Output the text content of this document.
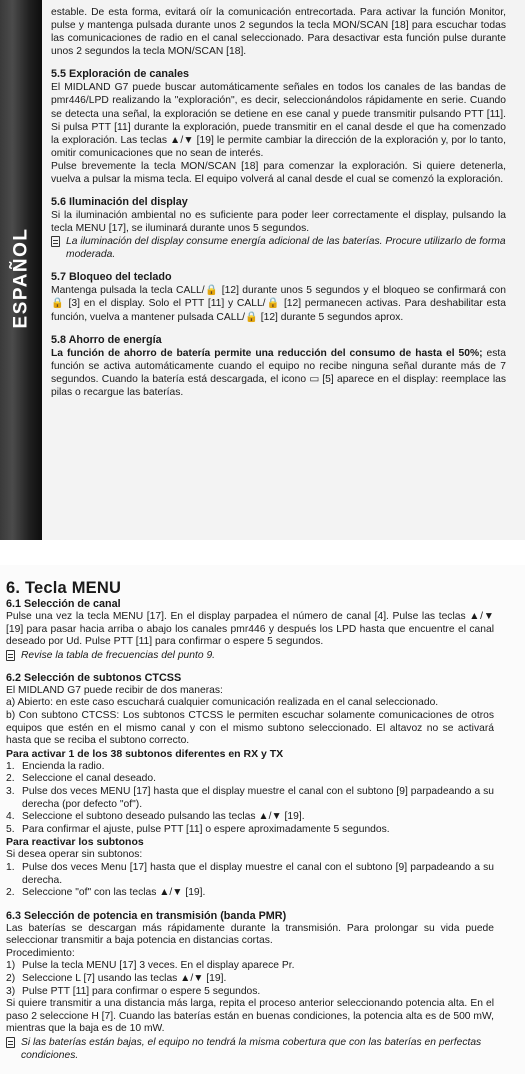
ESPAÑOL

estable. De esta forma, evitará oír la comunicación entrecortada. Para activar la función Monitor, pulse y mantenga pulsada durante unos 2 segundos la tecla MON/SCAN [18] para escuchar todas las comunicaciones de radio en el canal seleccionado. Para desactivar esta función pulse durante unos 2 segundos la tecla MON/SCAN [18].

5.5 Exploración de canales

El MIDLAND G7 puede buscar automáticamente señales en todos los canales de las bandas de pmr446/LPD realizando la "exploración", es decir, seleccionándolos rápidamente en serie. Cuando se detecta una señal, la exploración se detiene en ese canal y puede transmitir pulsando PTT [11]. Si pulsa PTT [11] durante la exploración, puede transmitir en el canal desde el que ha comenzado la exploración. Las teclas ▲/▼ [19] le permite cambiar la dirección de la exploración y, por lo tanto, omitir comunicaciones que no sean de interés.

Pulse brevemente la tecla MON/SCAN [18] para comenzar la exploración. Si quiere detenerla, vuelva a pulsar la misma tecla. El equipo volverá al canal desde el cual se comenzó la exploración.

5.6 Iluminación del display

Si la iluminación ambiental no es suficiente para poder leer correctamente el display, pulsando la tecla MENU [17], se iluminará durante unos 5 segundos.

La iluminación del display consume energía adicional de las baterías. Procure utilizarlo de forma moderada.
5.7 Bloqueo del teclado

Mantenga pulsada la tecla CALL/🔒 [12] durante unos 5 segundos y el bloqueo se confirmará con 🔒 [3] en el display. Solo el PTT [11] y CALL/🔒 [12] permanecen activas. Para deshabilitar esta función, vuelva a mantener pulsada CALL/🔒 [12] durante 5 segundos aprox.

5.8 Ahorro de energía

La función de ahorro de batería permite una reducción del consumo de hasta el 50%; esta función se activa automáticamente cuando el equipo no recibe ninguna señal durante más de 7 segundos. Cuando la batería está descargada, el icono ▭ [5] aparece en el display: reemplace las pilas o recargue las baterías.

6. Tecla MENU
6.1 Selección de canal

Pulse una vez la tecla MENU [17]. En el display parpadea el número de canal [4]. Pulse las teclas ▲/▼ [19] para pasar hacia arriba o abajo los canales pmr446 y después los LPD hasta que encuentre el canal deseado por Ud. Pulse PTT [11] para confirmar o espere 5 segundos.

Revise la tabla de frecuencias del punto 9.
6.2 Selección de subtonos CTCSS

El MIDLAND G7 puede recibir de dos maneras:

a) Abierto: en este caso escuchará cualquier comunicación realizada en el canal seleccionado.

b) Con subtono CTCSS: Los subtonos CTCSS le permiten escuchar solamente comunicaciones de otros equipos que estén en el mismo canal y con el mismo subtono seleccionado. El altavoz no se activará hasta que se reciba el subtono correcto.

Para activar 1 de los 38 subtonos diferentes en RX y TX

1. Encienda la radio.
2. Seleccione el canal deseado.
3. Pulse dos veces MENU [17] hasta que el display muestre el canal con el subtono [9] parpadeando a su derecha (por defecto "of").
4. Seleccione el subtono deseado pulsando las teclas ▲/▼ [19].
5. Para confirmar el ajuste, pulse PTT [11] o espere aproximadamente 5 segundos.

Para reactivar los subtonos

Si desea operar sin subtonos:

1. Pulse dos veces Menu [17] hasta que el display muestre el canal con el subtono [9] parpadeando a su derecha.
2. Seleccione "of" con las teclas ▲/▼ [19].
6.3 Selección de potencia en transmisión (banda PMR)

Las baterías se descargan más rápidamente durante la transmisión. Para prolongar su vida puede seleccionar transmitir a baja potencia en distancias cortas.

Procedimiento:

1) Pulse la tecla MENU [17] 3 veces. En el display aparece Pr.
2) Seleccione L [7] usando las teclas ▲/▼ [19].
3) Pulse PTT [11] para confirmar o espere 5 segundos.

Si quiere transmitir a una distancia más larga, repita el proceso anterior seleccionando potencia alta. En el paso 2 seleccione H [7]. Cuando las baterías están en buenas condiciones, la potencia alta es de 500 mW, mientras que la baja es de 10 mW.

Si las baterías están bajas, el equipo no tendrá la misma cobertura que con las baterías en perfectas condiciones.
